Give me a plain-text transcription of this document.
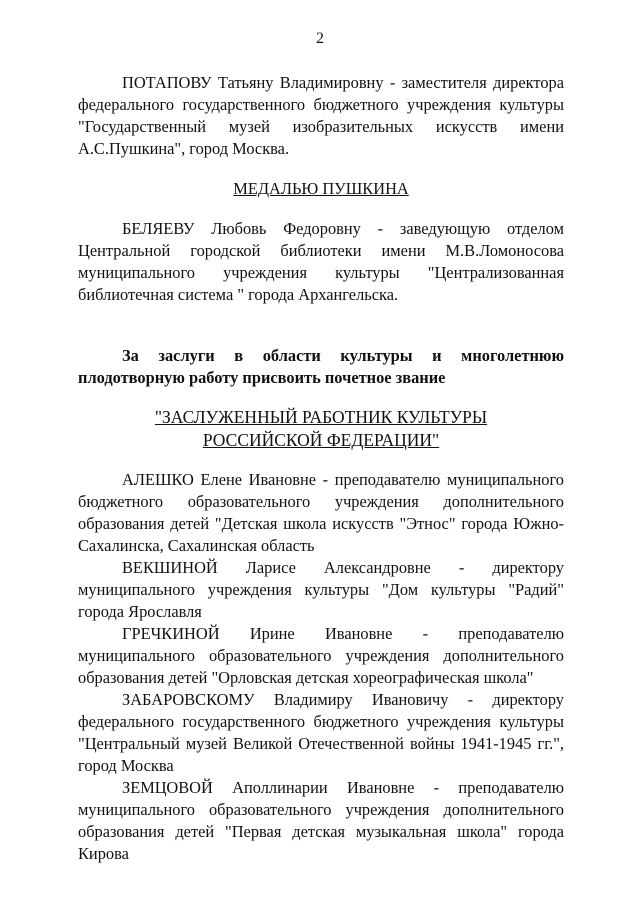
2

ПОТАПОВУ Татьяну Владимировну - заместителя директора федерального государственного бюджетного учреждения культуры "Государственный музей изобразительных искусств имени А.С.Пушкина", город Москва.

МЕДАЛЬЮ ПУШКИНА

БЕЛЯЕВУ Любовь Федоровну - заведующую отделом Центральной городской библиотеки имени М.В.Ломоносова муниципального учреждения культуры "Централизованная библиотечная система " города Архангельска.

За заслуги в области культуры и многолетнюю плодотворную работу присвоить почетное звание

"ЗАСЛУЖЕННЫЙ РАБОТНИК КУЛЬТУРЫ

РОССИЙСКОЙ ФЕДЕРАЦИИ"

АЛЕШКО Елене Ивановне - преподавателю муниципального бюджетного образовательного учреждения дополнительного образования детей "Детская школа искусств "Этнос" города Южно-Сахалинска, Сахалинская область

ВЕКШИНОЙ Ларисе Александровне - директору муниципального учреждения культуры "Дом культуры "Радий" города Ярославля

ГРЕЧКИНОЙ Ирине Ивановне - преподавателю муниципального образовательного учреждения дополнительного образования детей "Орловская детская хореографическая школа"

ЗАБАРОВСКОМУ Владимиру Ивановичу - директору федерального государственного бюджетного учреждения культуры "Центральный музей Великой Отечественной войны 1941-1945 гг.", город Москва

ЗЕМЦОВОЙ Аполлинарии Ивановне - преподавателю муниципального образовательного учреждения дополнительного образования детей "Первая детская музыкальная школа" города Кирова
